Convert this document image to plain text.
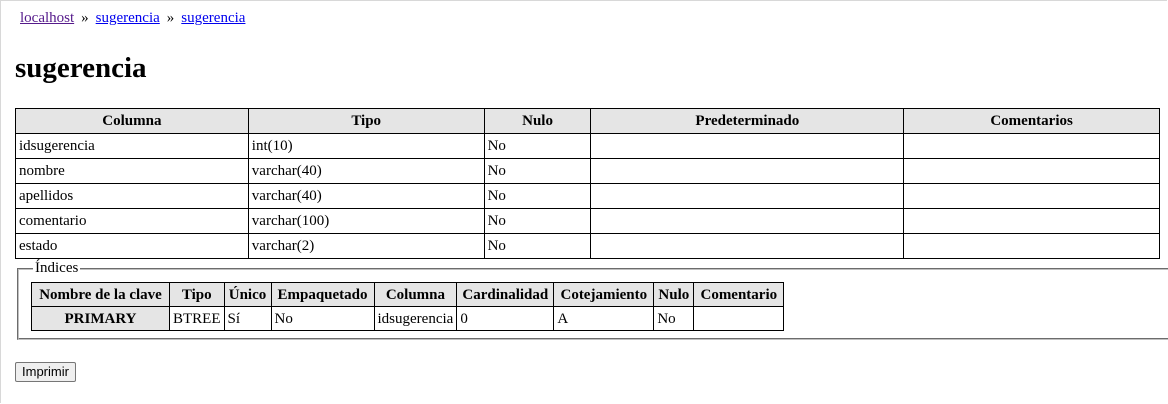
localhost » sugerencia » sugerencia
sugerencia
Columna	Tipo	Nulo	Predeterminado	Comentarios
idsugerencia	int(10)	No		
nombre	varchar(40)	No		
apellidos	varchar(40)	No		
comentario	varchar(100)	No		
estado	varchar(2)	No		
Índices
Nombre de la clave	Tipo	Único	Empaquetado	Columna	Cardinalidad	Cotejamiento	Nulo	Comentario
PRIMARY	BTREE	Sí	No	idsugerencia	0	A	No	
Imprimir
